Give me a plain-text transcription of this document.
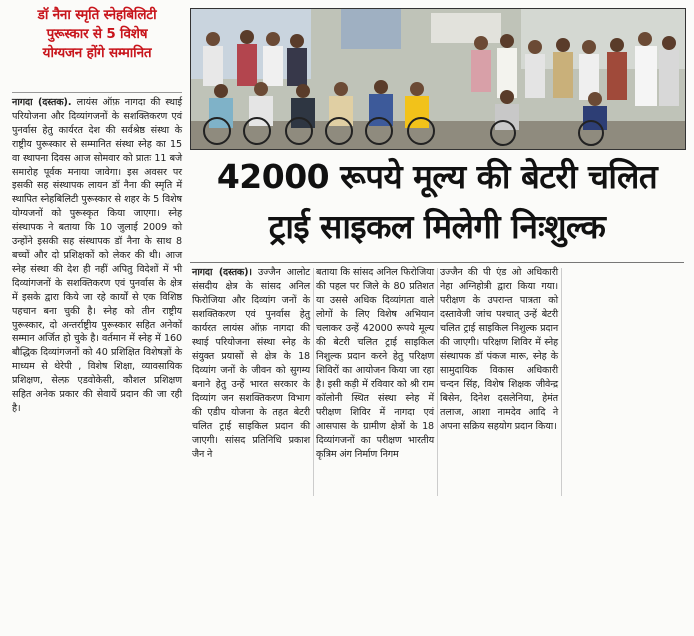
डॉ नैना स्मृति स्नेहबिलिटी
पुरूस्कार से 5 विशेष
योग्यजन होंगे सम्मानित
नागदा (दस्तक). लायंस ऑफ़ नागदा की स्थाई परियोजना और दिव्यांगजनों के सशक्तिकरण एवं पुनर्वास हेतु कार्यरत देश की सर्वश्रेष्ठ संस्था के राष्ट्रीय पुरूस्कार से सम्मानित संस्था स्नेह का 15 वा स्थापना दिवस आज सोमवार को प्रातः 11 बजे समारोह पूर्वक मनाया जावेगा। इस अवसर पर इसकी सह संस्थापक लायन डॉ नैना की स्मृति में स्थापित स्नेहबिलिटी पुरूस्कार से शहर के 5 विशेष योग्यजनों को पुरूस्कृत किया जाएगा। स्नेह संस्थापक ने बताया कि 10 जुलाई 2009 को उन्होंने इसकी सह संस्थापक डॉ नैना के साथ 8 बच्चों और दो प्रशिक्षकों को लेकर की थी। आज स्नेह संस्था की देश ही नहीं अपितु विदेशों में भी दिव्यांगजनों के सशक्तिकरण एवं पुनर्वास के क्षेत्र में इसके द्वारा किये जा रहे कार्यों से एक विशिष्ठ पहचान बना चुकी है। स्नेह को तीन राष्ट्रीय पुरूस्कार, दो अन्तर्राष्ट्रीय पुरूस्कार सहित अनेकों सम्मान अर्जित हो चुके है। वर्तमान में स्नेह में 160 बौद्धिक दिव्यांगजनों को 40 प्रशिक्षित विशेषज्ञों के माध्यम से थेरेपी , विशेष शिक्षा, व्यावसायिक प्रशिक्षण, सेल्फ़ एडवोकेसी, कौशल प्रशिक्षण सहित अनेक प्रकार की सेवायें प्रदान की जा रही है।
42000 रूपये मूल्य की बेटरी चलित
ट्राई साइकल मिलेगी निःशुल्क
नागदा (दस्तक)। उज्जैन आलोट संसदीय क्षेत्र के सांसद अनिल फिरोजिया और दिव्यांग जनों के सशक्तिकरण एवं पुनर्वास हेतु कार्यरत लायंस ऑफ़ नागदा की स्थाई परियोजना संस्था स्नेह के संयुक्त प्रयासों से क्षेत्र के 18 दिव्यांग जनों के जीवन को सुगम्य बनाने हेतु उन्हें भारत सरकार के दिव्यांग जन सशक्तिकरण विभाग की एडीप योजना के तहत बेटरी चलित ट्राई साइकिल प्रदान की जाएगी। सांसद प्रतिनिधि प्रकाश जैन ने
बताया कि सांसद अनिल फिरोजिया की पहल पर जिले के 80 प्रतिशत या उससे अधिक दिव्यांगता वाले लोगों के लिए विशेष अभियान चलाकर उन्हें 42000 रूपये मूल्य की बेटरी चलित ट्राई साइकिल निशुल्क प्रदान करने हेतु परिक्षण शिविरों का आयोजन किया जा रहा है। इसी कड़ी में रविवार को श्री राम कॉलोनी स्थित संस्था स्नेह में परीक्षण शिविर में नागदा एवं आसपास के ग्रामीण क्षेत्रों के 18 दिव्यांगजनों का परीक्षण भारतीय कृत्रिम अंग निर्माण निगम
उज्जैन की पी एंड ओ अधिकारी नेहा अग्निहोत्री द्वारा किया गया। परीक्षण के उपरान्त पात्रता को दस्तावेजी जांच पश्चात् उन्हें बेटरी चलित ट्राई साइकिल निशुल्क प्रदान की जाएगी। परिक्षण शिविर में स्नेह संस्थापक डॉ पंकज मारू, स्नेह के सामुदायिक विकास अधिकारी चन्दन सिंह, विशेष शिक्षक जीवेन्द्र बिसेन, दिनेश दसलेनिया, हेमंत तलाज, आशा नामदेव आदि ने अपना सक्रिय सहयोग प्रदान किया।
